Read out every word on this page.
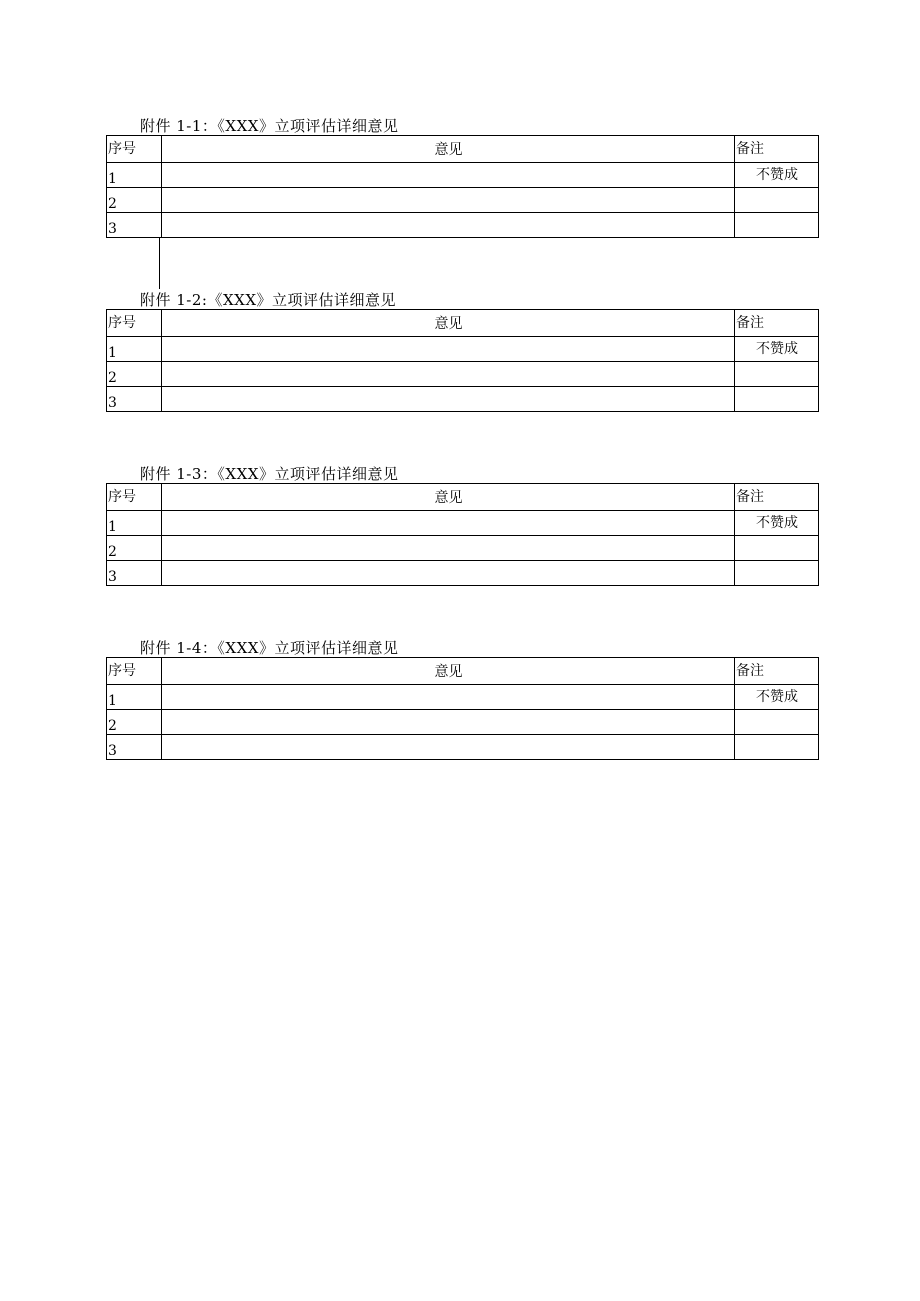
附件 1-1：《XXX》立项评估详细意见
序号	意见	备注
1		不赞成
2		
3		
附件 1-2:《XXX》立项评估详细意见
序号	意见	备注
1		不赞成
2		
3		
附件 1-3：《XXX》立项评估详细意见
序号	意见	备注
1		不赞成
2		
3		
附件 1-4：《XXX》立项评估详细意见
序号	意见	备注
1		不赞成
2		
3		
